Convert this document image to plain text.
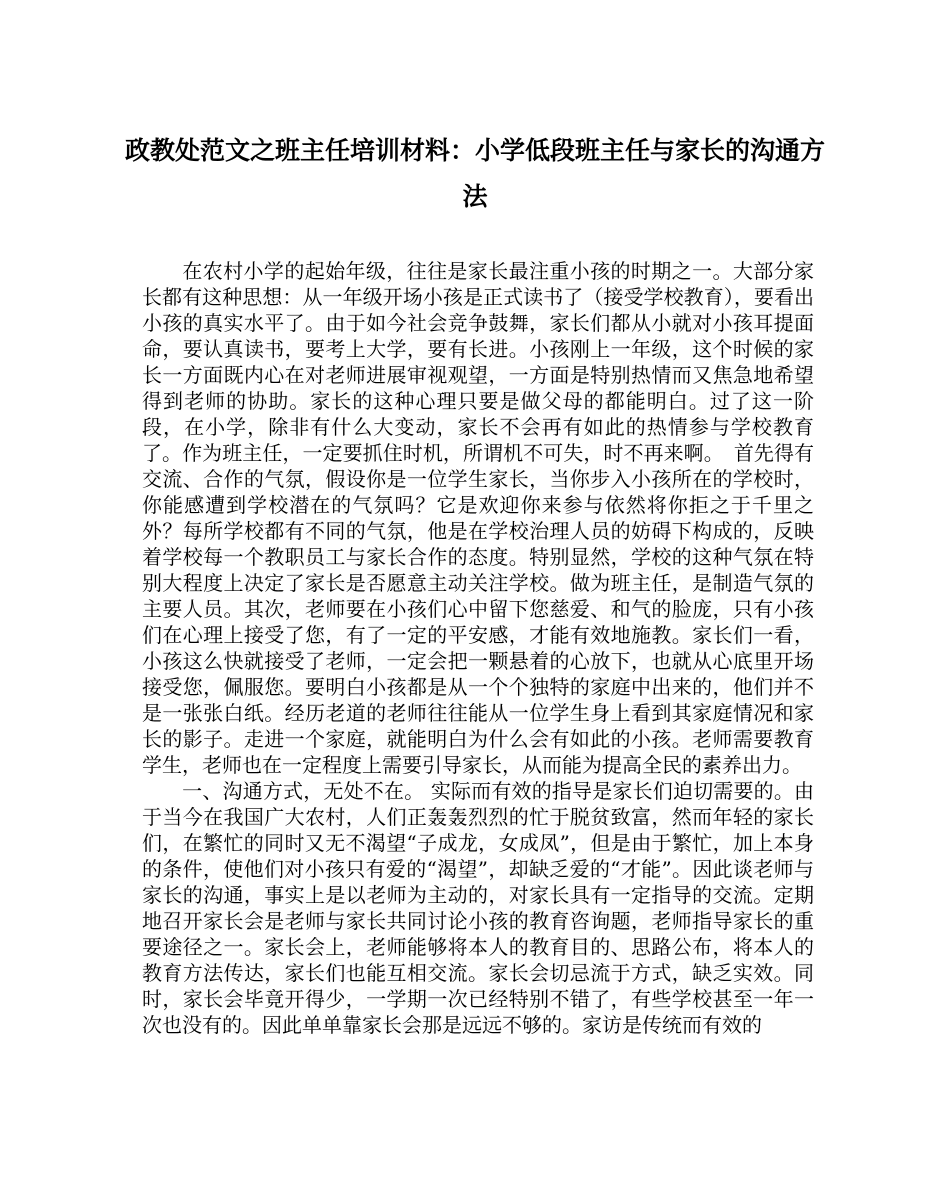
政教处范文之班主任培训材料：小学低段班主任与家长的沟通方法

在农村小学的起始年级，往往是家长最注重小孩的时期之一。大部分家长都有这种思想：从一年级开场小孩是正式读书了（接受学校教育），要看出小孩的真实水平了。由于如今社会竞争鼓舞，家长们都从小就对小孩耳提面命，要认真读书，要考上大学，要有长进。小孩刚上一年级，这个时候的家长一方面既内心在对老师进展审视观望，一方面是特别热情而又焦急地希望得到老师的协助。家长的这种心理只要是做父母的都能明白。过了这一阶段，在小学，除非有什么大变动，家长不会再有如此的热情参与学校教育了。作为班主任，一定要抓住时机，所谓机不可失，时不再来啊。　首先得有交流、合作的气氛，假设你是一位学生家长，当你步入小孩所在的学校时，你能感遭到学校潜在的气氛吗？它是欢迎你来参与依然将你拒之于千里之外？每所学校都有不同的气氛，他是在学校治理人员的妨碍下构成的，反映着学校每一个教职员工与家长合作的态度。特别显然，学校的这种气氛在特别大程度上决定了家长是否愿意主动关注学校。做为班主任，是制造气氛的主要人员。其次，老师要在小孩们心中留下您慈爱、和气的脸庞，只有小孩们在心理上接受了您，有了一定的平安感，才能有效地施教。家长们一看，小孩这么快就接受了老师，一定会把一颗悬着的心放下，也就从心底里开场接受您，佩服您。要明白小孩都是从一个个独特的家庭中出来的，他们并不是一张张白纸。经历老道的老师往往能从一位学生身上看到其家庭情况和家长的影子。走进一个家庭，就能明白为什么会有如此的小孩。老师需要教育学生，老师也在一定程度上需要引导家长，从而能为提高全民的素养出力。

一、沟通方式，无处不在。 实际而有效的指导是家长们迫切需要的。由于当今在我国广大农村，人们正轰轰烈烈的忙于脱贫致富，然而年轻的家长们，在繁忙的同时又无不渴望“子成龙，女成凤”，但是由于繁忙，加上本身的条件，使他们对小孩只有爱的“渴望”，却缺乏爱的“才能”。因此谈老师与家长的沟通，事实上是以老师为主动的，对家长具有一定指导的交流。定期地召开家长会是老师与家长共同讨论小孩的教育咨询题，老师指导家长的重要途径之一。家长会上，老师能够将本人的教育目的、思路公布，将本人的教育方法传达，家长们也能互相交流。家长会切忌流于方式，缺乏实效。同时，家长会毕竟开得少，一学期一次已经特别不错了，有些学校甚至一年一次也没有的。因此单单靠家长会那是远远不够的。家访是传统而有效的
